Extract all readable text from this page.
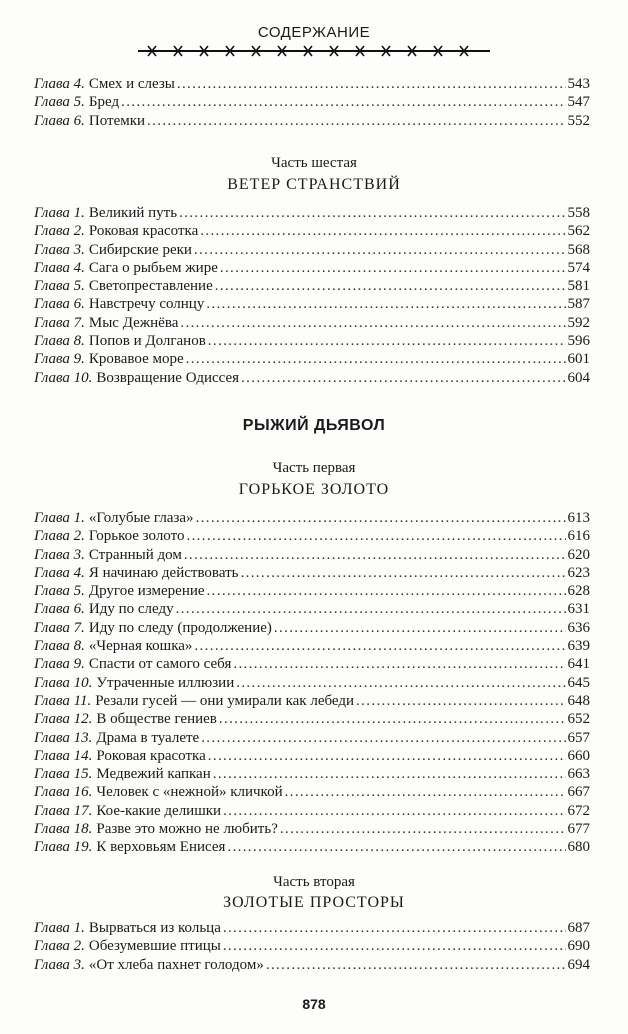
СОДЕРЖАНИЕ
Глава 4. Смех и слезы . . .	543
Глава 5. Бред . . .	547
Глава 6. Потемки . . .	552
Часть шестая
ВЕТЕР СТРАНСТВИЙ
Глава 1. Великий путь . . .	558
Глава 2. Роковая красотка . . .	562
Глава 3. Сибирские реки . . .	568
Глава 4. Сага о рыбьем жире . . .	574
Глава 5. Светопреставление . . .	581
Глава 6. Навстречу солнцу . . .	587
Глава 7. Мыс Дежнёва . . .	592
Глава 8. Попов и Долганов . . .	596
Глава 9. Кровавое море . . .	601
Глава 10. Возвращение Одиссея . . .	604
РЫЖИЙ ДЬЯВОЛ
Часть первая
ГОРЬКОЕ ЗОЛОТО
Глава 1. «Голубые глаза» . . .	613
Глава 2. Горькое золото . . .	616
Глава 3. Странный дом . . .	620
Глава 4. Я начинаю действовать . . .	623
Глава 5. Другое измерение . . .	628
Глава 6. Иду по следу . . .	631
Глава 7. Иду по следу (продолжение) . . .	636
Глава 8. «Черная кошка» . . .	639
Глава 9. Спасти от самого себя . . .	641
Глава 10. Утраченные иллюзии . . .	645
Глава 11. Резали гусей — они умирали как лебеди . . .	648
Глава 12. В обществе гениев . . .	652
Глава 13. Драма в туалете . . .	657
Глава 14. Роковая красотка . . .	660
Глава 15. Медвежий капкан . . .	663
Глава 16. Человек с «нежной» кличкой . . .	667
Глава 17. Кое-какие делишки . . .	672
Глава 18. Разве это можно не любить? . . .	677
Глава 19. К верховьям Енисея . . .	680
Часть вторая
ЗОЛОТЫЕ ПРОСТОРЫ
Глава 1. Вырваться из кольца . . .	687
Глава 2. Обезумевшие птицы . . .	690
Глава 3. «От хлеба пахнет голодом» . . .	694
878
